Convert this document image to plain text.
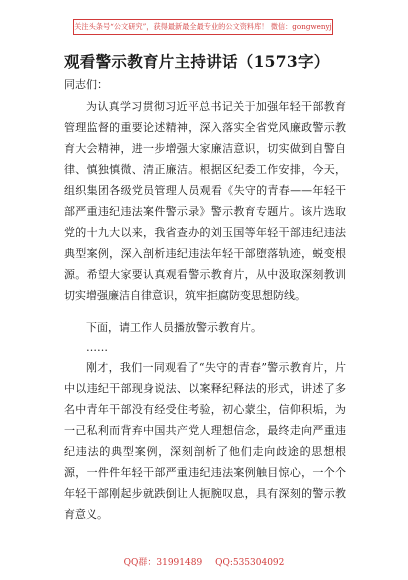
关注头条号“公文研究”，获得最新最全最专业的公文资料库！ 微信：gongwenyj
观看警示教育片主持讲话（1573字）
同志们：

为认真学习贯彻习近平总书记关于加强年轻干部教育管理监督的重要论述精神，深入落实全省党风廉政警示教育大会精神，进一步增强大家廉洁意识，切实做到自警自律、慎独慎微、清正廉洁。根据区纪委工作安排，今天，组织集团各级党员管理人员观看《失守的青春——年轻干部严重违纪违法案件警示录》警示教育专题片。该片选取党的十九大以来，我省查办的刘玉国等年轻干部违纪违法典型案例，深入剖析违纪违法年轻干部堕落轨迹，蜕变根源。希望大家要认真观看警示教育片，从中汲取深刻教训切实增强廉洁自律意识，筑牢拒腐防变思想防线。

下面，请工作人员播放警示教育片。

……

刚才，我们一同观看了“失守的青春”警示教育片，片中以违纪干部现身说法、以案释纪释法的形式，讲述了多名中青年干部没有经受住考验，初心蒙尘，信仰积垢，为一己私利而背弃中国共产党人理想信念，最终走向严重违纪违法的典型案例，深刻剖析了他们走向歧途的思想根源，一件件年轻干部严重违纪违法案例触目惊心，一个个年轻干部刚起步就跌倒让人扼腕叹息，具有深刻的警示教育意义。

QQ群：31991489 QQ:535304092
